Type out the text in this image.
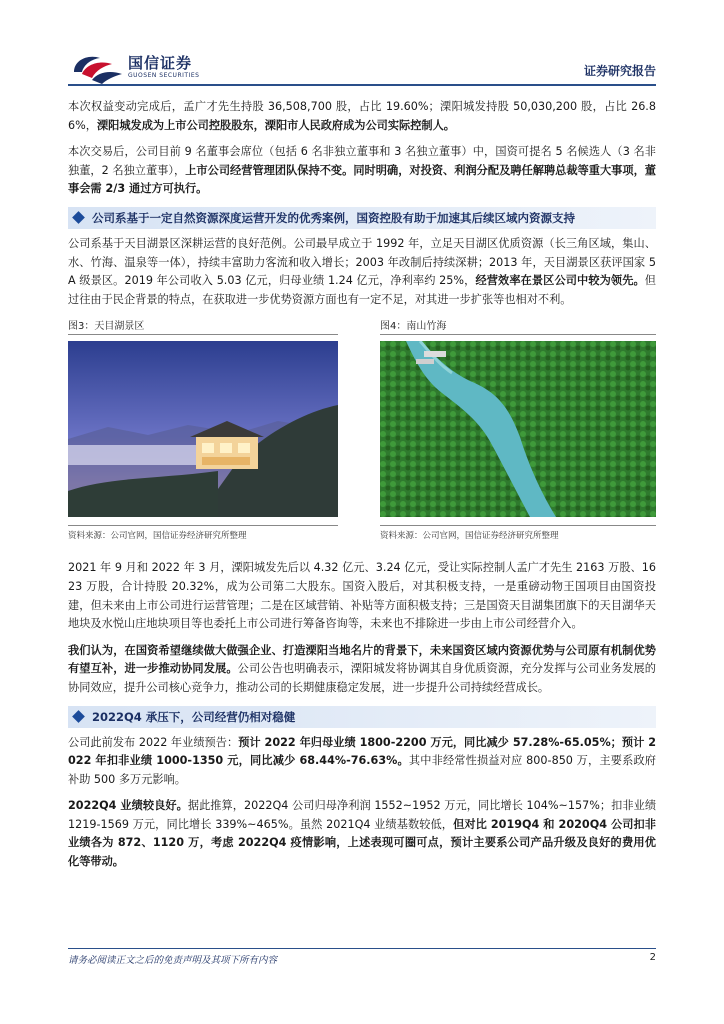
国信证券
GUOSEN SECURITIES	证券研究报告

本次权益变动完成后，孟广才先生持股 36,508,700 股，占比 19.60%；溧阳城发持股 50,030,200 股，占比 26.86%，溧阳城发成为上市公司控股股东，溧阳市人民政府成为公司实际控制人。

本次交易后，公司目前 9 名董事会席位（包括 6 名非独立董事和 3 名独立董事）中，国资可提名 5 名候选人（3 名非独董，2 名独立董事），上市公司经营管理团队保持不变。同时明确，对投资、利润分配及聘任解聘总裁等重大事项，董事会需 2/3 通过方可执行。

公司系基于一定自然资源深度运营开发的优秀案例，国资控股有助于加速其后续区域内资源支持

公司系基于天目湖景区深耕运营的良好范例。公司最早成立于 1992 年，立足天目湖区优质资源（长三角区域，集山、水、竹海、温泉等一体），持续丰富助力客流和收入增长；2003 年改制后持续深耕；2013 年，天目湖景区获评国家 5A 级景区。2019 年公司收入 5.03 亿元，归母业绩 1.24 亿元，净利率约 25%，经营效率在景区公司中较为领先。但过往由于民企背景的特点，在获取进一步优势资源方面也有一定不足，对其进一步扩张等也相对不利。

图3：天目湖景区
资料来源：公司官网，国信证券经济研究所整理
图4：南山竹海
资料来源：公司官网，国信证券经济研究所整理

2021 年 9 月和 2022 年 3 月，溧阳城发先后以 4.32 亿元、3.24 亿元，受让实际控制人孟广才先生 2163 万股、1623 万股，合计持股 20.32%，成为公司第二大股东。国资入股后，对其积极支持，一是重磅动物王国项目由国资投建，但未来由上市公司进行运营管理；二是在区域营销、补贴等方面积极支持；三是国资天目湖集团旗下的天目湖华天地块及水悦山庄地块项目等也委托上市公司进行筹备咨询等，未来也不排除进一步由上市公司经营介入。

我们认为，在国资希望继续做大做强企业、打造溧阳当地名片的背景下，未来国资区域内资源优势与公司原有机制优势有望互补，进一步推动协同发展。公司公告也明确表示，溧阳城发将协调其自身优质资源，充分发挥与公司业务发展的协同效应，提升公司核心竞争力，推动公司的长期健康稳定发展，进一步提升公司持续经营成长。

2022Q4 承压下，公司经营仍相对稳健

公司此前发布 2022 年业绩预告：预计 2022 年归母业绩 1800-2200 万元，同比减少 57.28%-65.05%；预计 2022 年扣非业绩 1000-1350 元，同比减少 68.44%-76.63%。其中非经常性损益对应 800-850 万，主要系政府补助 500 多万元影响。

2022Q4 业绩较良好。据此推算，2022Q4 公司归母净利润 1552~1952 万元，同比增长 104%~157%；扣非业绩 1219-1569 万元，同比增长 339%~465%。虽然 2021Q4 业绩基数较低，但对比 2019Q4 和 2020Q4 公司扣非业绩各为 872、1120 万，考虑 2022Q4 疫情影响，上述表现可圈可点，预计主要系公司产品升级及良好的费用优化等带动。

请务必阅读正文之后的免责声明及其项下所有内容	2
